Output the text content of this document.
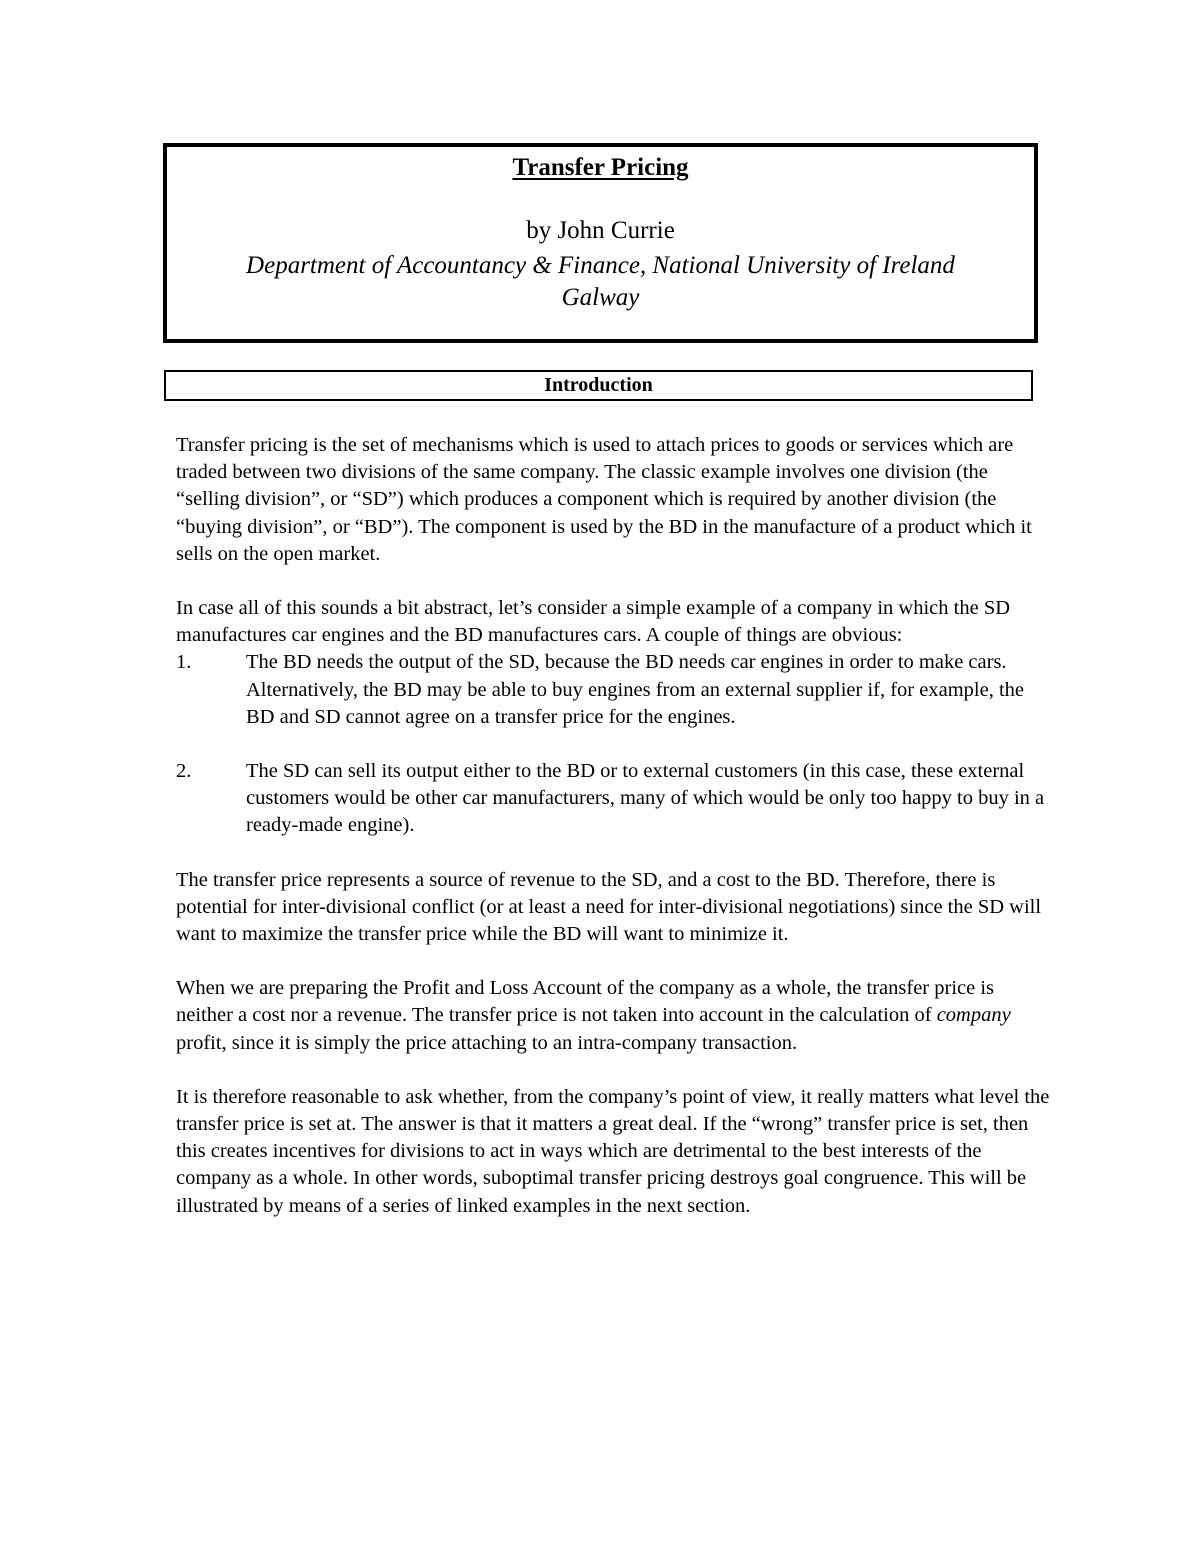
Transfer Pricing
by John Currie
Department of Accountancy & Finance, National University of Ireland
Galway
Introduction

Transfer pricing is the set of mechanisms which is used to attach prices to goods or services which are traded between two divisions of the same company. The classic example involves one division (the “selling division”, or “SD”) which produces a component which is required by another division (the “buying division”, or “BD”). The component is used by the BD in the manufacture of a product which it sells on the open market.

In case all of this sounds a bit abstract, let’s consider a simple example of a company in which the SD manufactures car engines and the BD manufactures cars. A couple of things are obvious:

1.	The BD needs the output of the SD, because the BD needs car engines in order to make cars. Alternatively, the BD may be able to buy engines from an external supplier if, for example, the BD and SD cannot agree on a transfer price for the engines.
2.	The SD can sell its output either to the BD or to external customers (in this case, these external customers would be other car manufacturers, many of which would be only too happy to buy in a ready-made engine).

The transfer price represents a source of revenue to the SD, and a cost to the BD. Therefore, there is potential for inter-divisional conflict (or at least a need for inter-divisional negotiations) since the SD will want to maximize the transfer price while the BD will want to minimize it.

When we are preparing the Profit and Loss Account of the company as a whole, the transfer price is neither a cost nor a revenue. The transfer price is not taken into account in the calculation of company profit, since it is simply the price attaching to an intra-company transaction.

It is therefore reasonable to ask whether, from the company’s point of view, it really matters what level the transfer price is set at. The answer is that it matters a great deal. If the “wrong” transfer price is set, then this creates incentives for divisions to act in ways which are detrimental to the best interests of the company as a whole. In other words, suboptimal transfer pricing destroys goal congruence. This will be illustrated by means of a series of linked examples in the next section.
